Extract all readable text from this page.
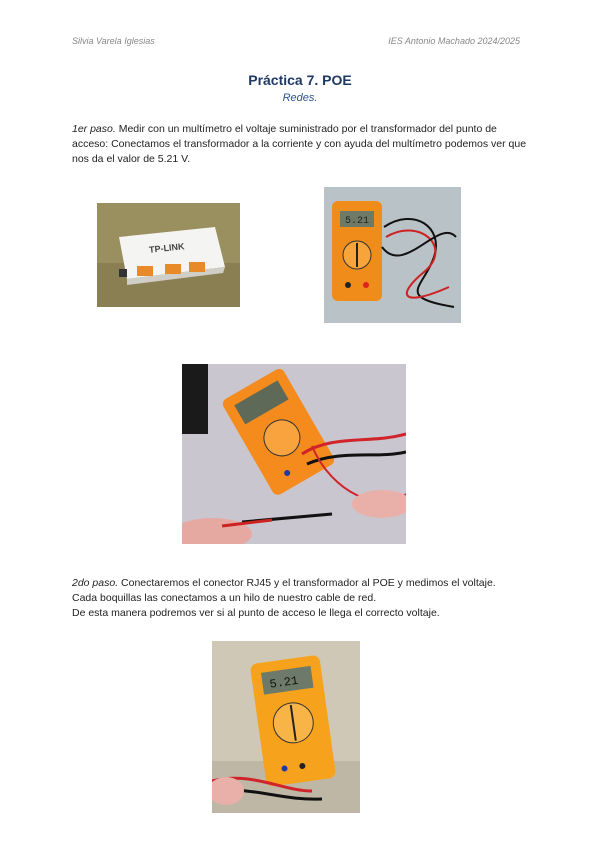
Silvia Varela Iglesias	IES Antonio Machado 2024/2025
Práctica 7. POE
Redes.
1er paso. Medir con un multímetro el voltaje suministrado por el transformador del punto de acceso: Conectamos el transformador a la corriente y con ayuda del multímetro podemos ver que nos da el valor de 5.21 V.
TP-LINK
5.21
2do paso. Conectaremos el conector RJ45 y el transformador al POE y medimos el voltaje.
Cada boquillas las conectamos a un hilo de nuestro cable de red.
De esta manera podremos ver si al punto de acceso le llega el correcto voltaje.
5.21
